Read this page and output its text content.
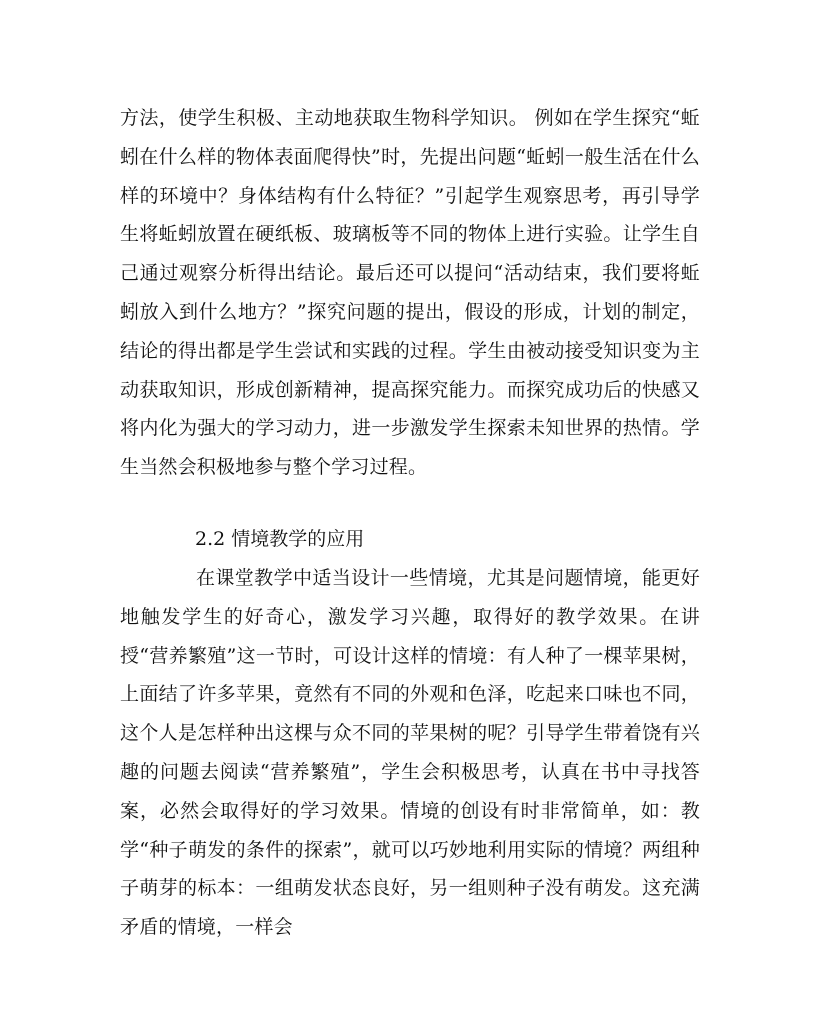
方法，使学生积极、主动地获取生物科学知识。 例如在学生探究“蚯蚓在什么样的物体表面爬得快”时，先提出问题“蚯蚓一般生活在什么样的环境中？身体结构有什么特征？”引起学生观察思考，再引导学生将蚯蚓放置在硬纸板、玻璃板等不同的物体上进行实验。让学生自己通过观察分析得出结论。最后还可以提问“活动结束，我们要将蚯蚓放入到什么地方？”探究问题的提出，假设的形成，计划的制定，结论的得出都是学生尝试和实践的过程。学生由被动接受知识变为主动获取知识，形成创新精神，提高探究能力。而探究成功后的快感又将内化为强大的学习动力，进一步激发学生探索未知世界的热情。学生当然会积极地参与整个学习过程。
2.2 情境教学的应用
在课堂教学中适当设计一些情境，尤其是问题情境，能更好地触发学生的好奇心，激发学习兴趣，取得好的教学效果。在讲授“营养繁殖”这一节时，可设计这样的情境：有人种了一棵苹果树，上面结了许多苹果，竟然有不同的外观和色泽，吃起来口味也不同，这个人是怎样种出这棵与众不同的苹果树的呢？引导学生带着饶有兴趣的问题去阅读“营养繁殖”，学生会积极思考，认真在书中寻找答案，必然会取得好的学习效果。情境的创设有时非常简单，如：教学“种子萌发的条件的探索”，就可以巧妙地利用实际的情境？两组种子萌芽的标本：一组萌发状态良好，另一组则种子没有萌发。这充满矛盾的情境，一样会
